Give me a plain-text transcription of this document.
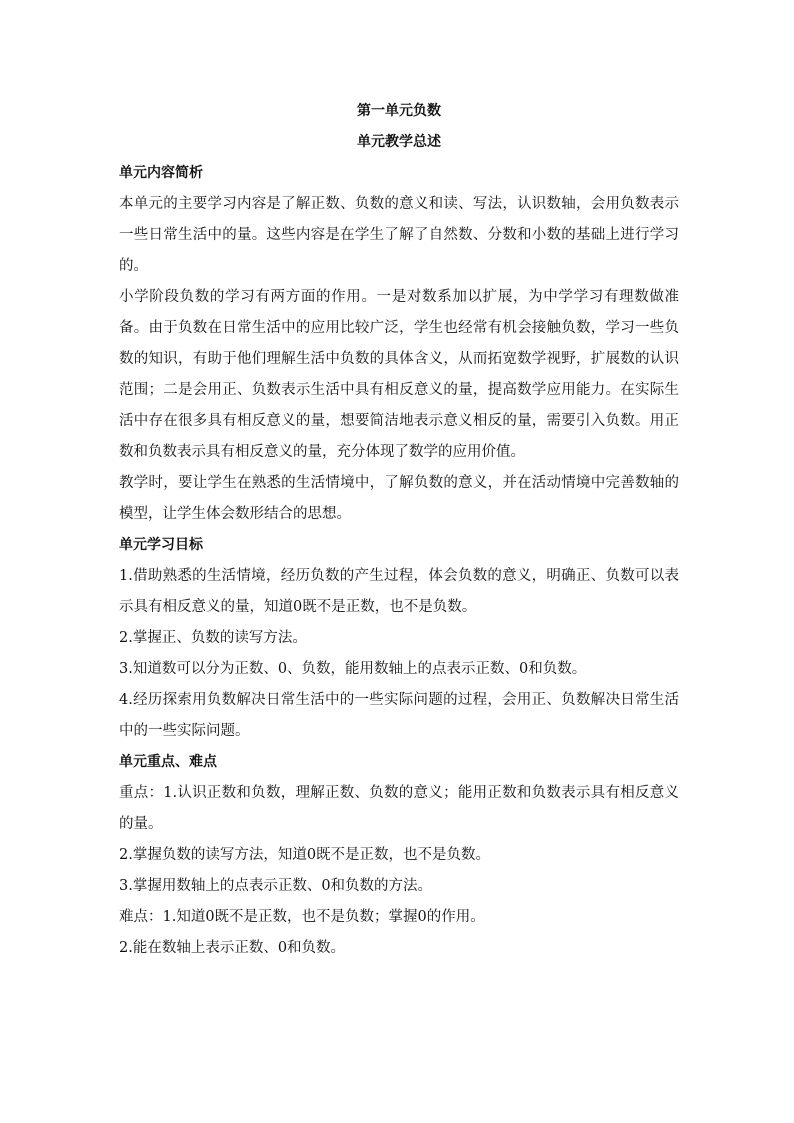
第一单元负数
单元教学总述
单元内容简析

本单元的主要学习内容是了解正数、负数的意义和读、写法，认识数轴，会用负数表示一些日常生活中的量。这些内容是在学生了解了自然数、分数和小数的基础上进行学习的。

小学阶段负数的学习有两方面的作用。一是对数系加以扩展，为中学学习有理数做准备。由于负数在日常生活中的应用比较广泛，学生也经常有机会接触负数，学习一些负数的知识，有助于他们理解生活中负数的具体含义，从而拓宽数学视野，扩展数的认识范围；二是会用正、负数表示生活中具有相反意义的量，提高数学应用能力。在实际生活中存在很多具有相反意义的量，想要简洁地表示意义相反的量，需要引入负数。用正数和负数表示具有相反意义的量，充分体现了数学的应用价值。

教学时，要让学生在熟悉的生活情境中，了解负数的意义，并在活动情境中完善数轴的模型，让学生体会数形结合的思想。

单元学习目标

1.借助熟悉的生活情境，经历负数的产生过程，体会负数的意义，明确正、负数可以表示具有相反意义的量，知道0既不是正数，也不是负数。

2.掌握正、负数的读写方法。

3.知道数可以分为正数、0、负数，能用数轴上的点表示正数、0和负数。

4.经历探索用负数解决日常生活中的一些实际问题的过程，会用正、负数解决日常生活中的一些实际问题。

单元重点、难点

重点：1.认识正数和负数，理解正数、负数的意义；能用正数和负数表示具有相反意义的量。

2.掌握负数的读写方法，知道0既不是正数，也不是负数。

3.掌握用数轴上的点表示正数、0和负数的方法。

难点：1.知道0既不是正数，也不是负数；掌握0的作用。

2.能在数轴上表示正数、0和负数。
